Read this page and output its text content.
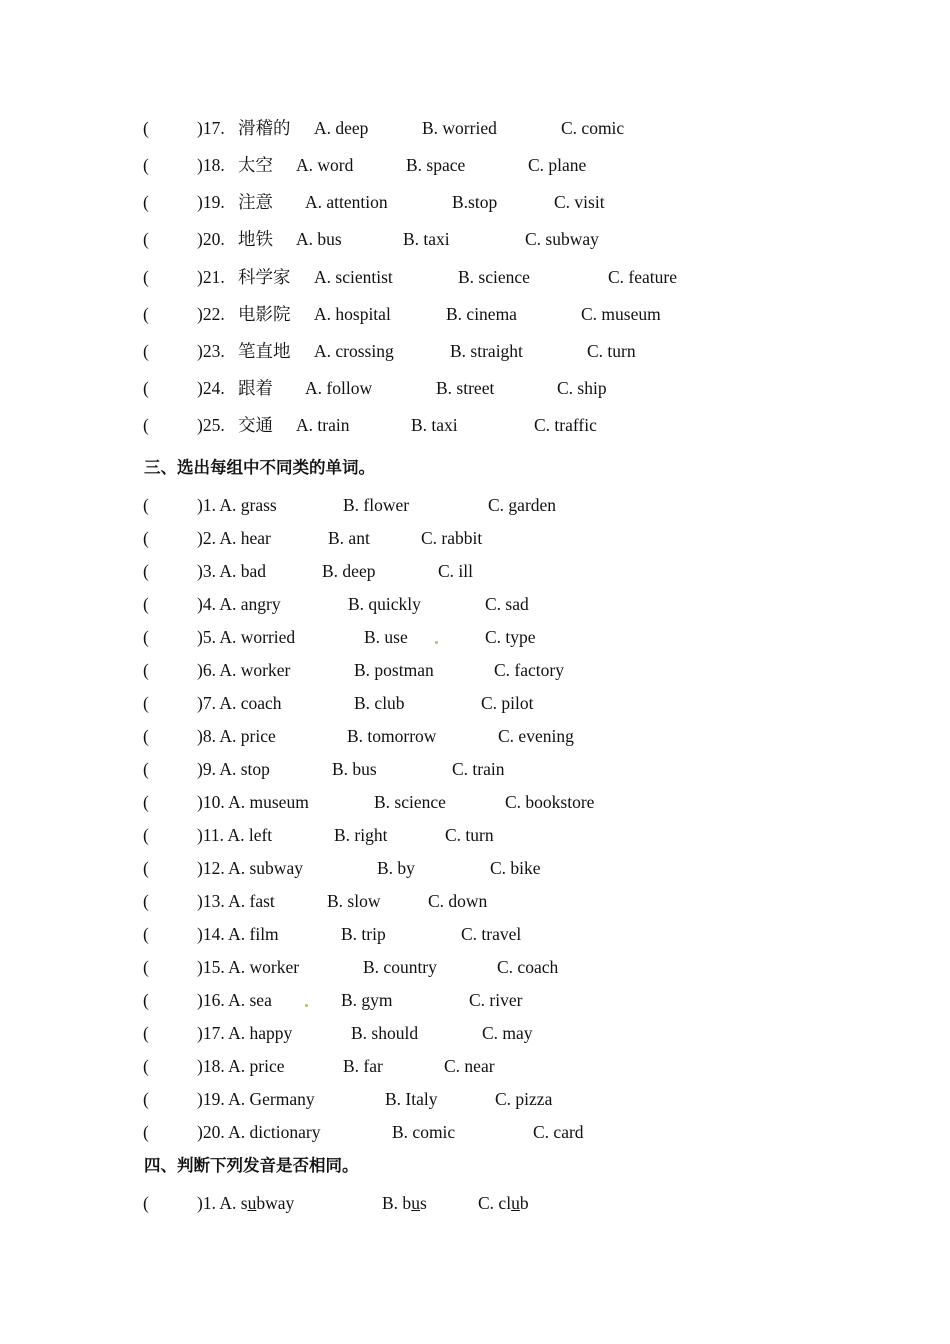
(	)17. 滑稽的 A. deep	B. worried	C. comic
(	)18. 太空 A. word	B. space	C. plane
(	)19. 注意 A. attention	B.stop	C. visit
(	)20. 地铁 A. bus	B. taxi	C. subway
(	)21. 科学家 A. scientist	B. science	C. feature
(	)22. 电影院 A. hospital	B. cinema	C. museum
(	)23. 笔直地 A. crossing	B. straight	C. turn
(	)24. 跟着 A. follow	B. street	C. ship
(	)25. 交通 A. train	B. taxi	C. traffic
三、选出每组中不同类的单词。
(	)1. A. grass	B. flower	C. garden
(	)2. A. hear	B. ant	C. rabbit
(	)3. A. bad	B. deep	C. ill
(	)4. A. angry	B. quickly	C. sad
(	)5. A. worried	B. use	C. type
(	)6. A. worker	B. postman	C. factory
(	)7. A. coach	B. club	C. pilot
(	)8. A. price	B. tomorrow	C. evening
(	)9. A. stop	B. bus	C. train
(	)10. A. museum	B. science	C. bookstore
(	)11. A. left	B. right	C. turn
(	)12. A. subway	B. by	C. bike
(	)13. A. fast	B. slow	C. down
(	)14. A. film	B. trip	C. travel
(	)15. A. worker	B. country	C. coach
(	)16. A. sea	B. gym	C. river
(	)17. A. happy	B. should	C. may
(	)18. A. price	B. far	C. near
(	)19. A. Germany	B. Italy	C. pizza
(	)20. A. dictionary	B. comic	C. card
四、判断下列发音是否相同。
(	)1. A. subway	B. bus	C. club
